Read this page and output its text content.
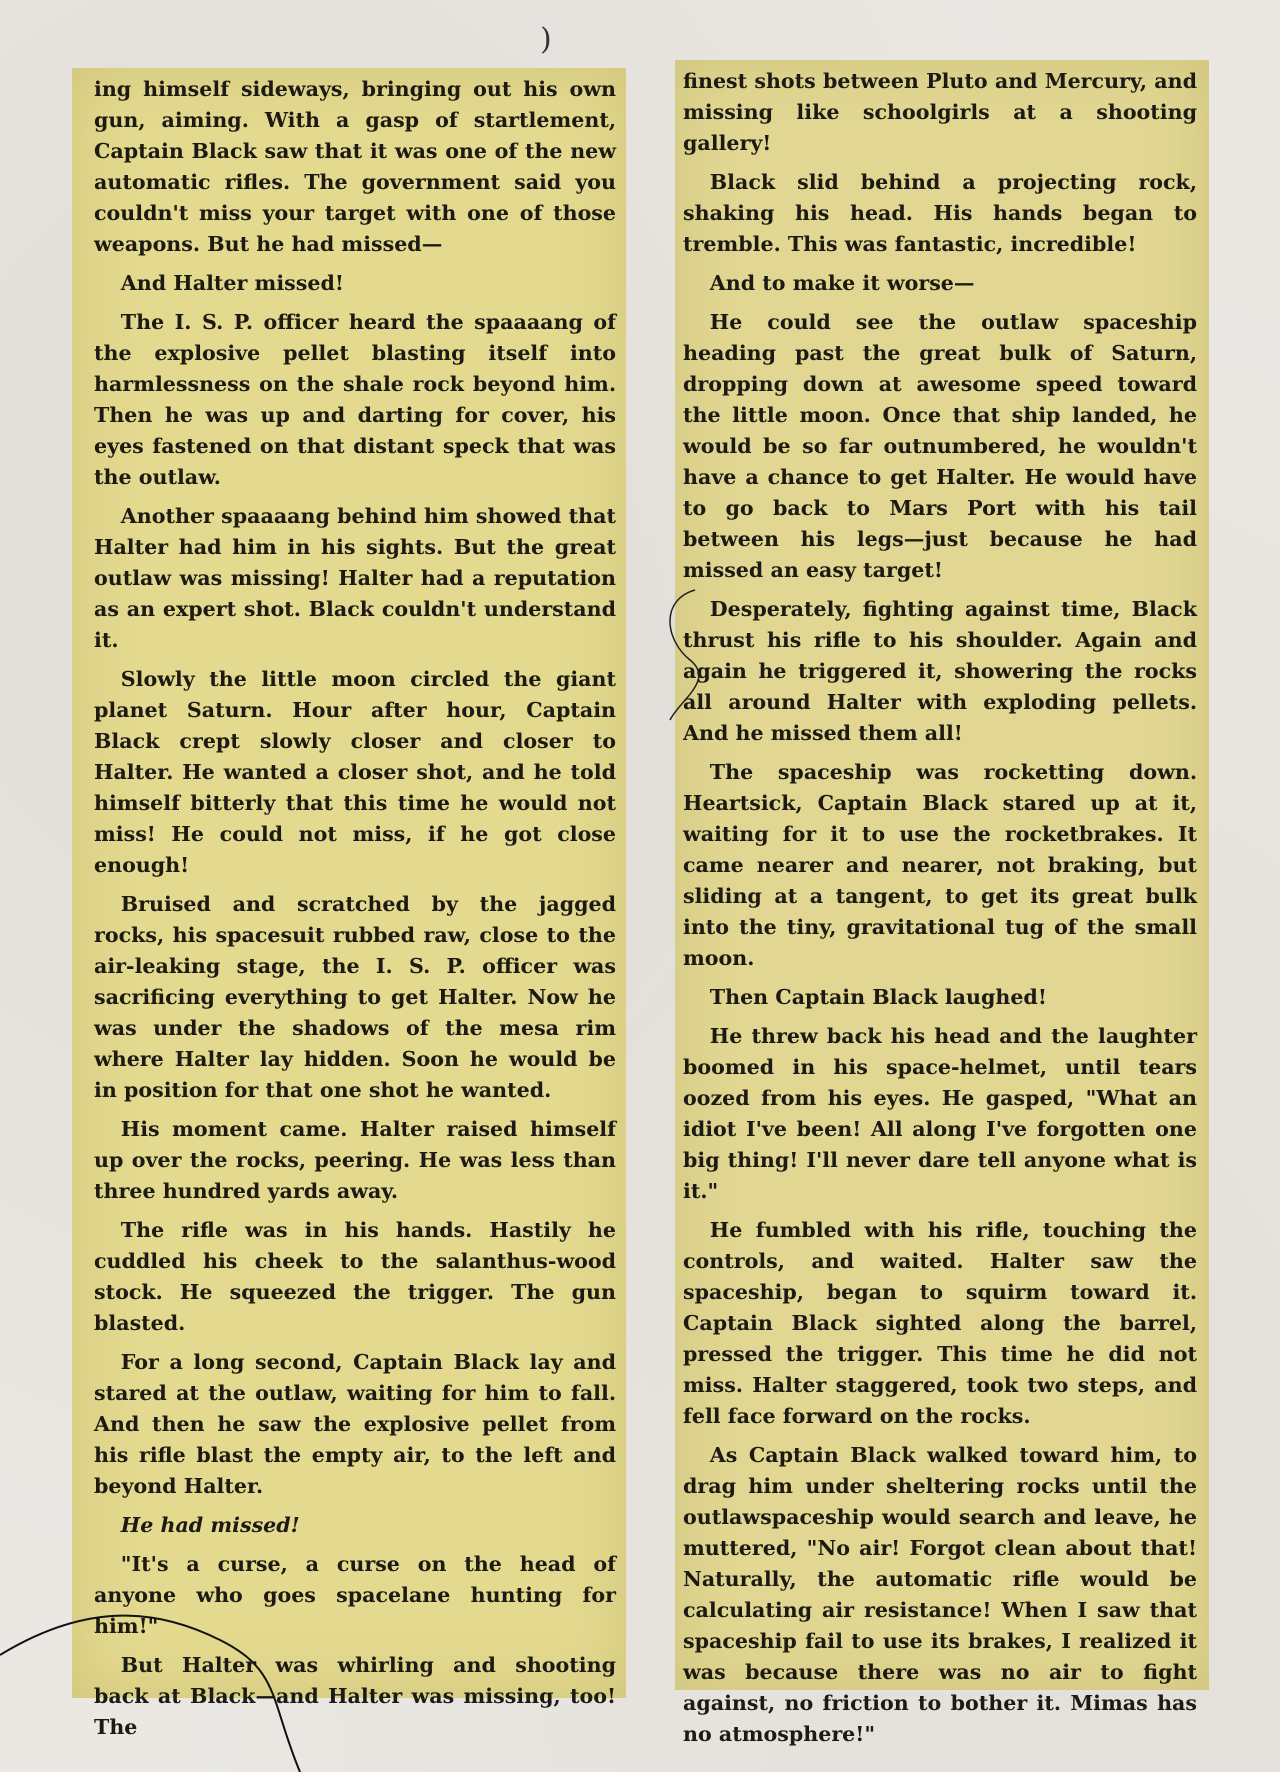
)

ing himself sideways, bringing out his own gun, aiming. With a gasp of startlement, Captain Black saw that it was one of the new automatic rifles. The government said you couldn't miss your target with one of those weapons. But he had missed—

And Halter missed!

The I. S. P. officer heard the spaaaang of the explosive pellet blasting itself into harmlessness on the shale rock beyond him. Then he was up and darting for cover, his eyes fastened on that distant speck that was the outlaw.

Another spaaaang behind him showed that Halter had him in his sights. But the great outlaw was missing! Halter had a reputation as an expert shot. Black couldn't understand it.

Slowly the little moon circled the giant planet Saturn. Hour after hour, Captain Black crept slowly closer and closer to Halter. He wanted a closer shot, and he told himself bitterly that this time he would not miss! He could not miss, if he got close enough!

Bruised and scratched by the jagged rocks, his spacesuit rubbed raw, close to the air-leaking stage, the I. S. P. officer was sacrificing everything to get Halter. Now he was under the shadows of the mesa rim where Halter lay hidden. Soon he would be in position for that one shot he wanted.

His moment came. Halter raised himself up over the rocks, peering. He was less than three hundred yards away.

The rifle was in his hands. Hastily he cuddled his cheek to the salanthus-wood stock. He squeezed the trigger. The gun blasted.

For a long second, Captain Black lay and stared at the outlaw, waiting for him to fall. And then he saw the explosive pellet from his rifle blast the empty air, to the left and beyond Halter.

He had missed!

"It's a curse, a curse on the head of anyone who goes spacelane hunting for him!"

But Halter was whirling and shooting back at Black—and Halter was missing, too! The

finest shots between Pluto and Mercury, and missing like schoolgirls at a shooting gallery!

Black slid behind a projecting rock, shaking his head. His hands began to tremble. This was fantastic, incredible!

And to make it worse—

He could see the outlaw spaceship heading past the great bulk of Saturn, dropping down at awesome speed toward the little moon. Once that ship landed, he would be so far outnumbered, he wouldn't have a chance to get Halter. He would have to go back to Mars Port with his tail between his legs—just because he had missed an easy target!

Desperately, fighting against time, Black thrust his rifle to his shoulder. Again and again he triggered it, showering the rocks all around Halter with exploding pellets. And he missed them all!

The spaceship was rocketting down. Heartsick, Captain Black stared up at it, waiting for it to use the rocketbrakes. It came nearer and nearer, not braking, but sliding at a tangent, to get its great bulk into the tiny, gravitational tug of the small moon.

Then Captain Black laughed!

He threw back his head and the laughter boomed in his space-helmet, until tears oozed from his eyes. He gasped, "What an idiot I've been! All along I've forgotten one big thing! I'll never dare tell anyone what is it."

He fumbled with his rifle, touching the controls, and waited. Halter saw the spaceship, began to squirm toward it. Captain Black sighted along the barrel, pressed the trigger. This time he did not miss. Halter staggered, took two steps, and fell face forward on the rocks.

As Captain Black walked toward him, to drag him under sheltering rocks until the outlawspaceship would search and leave, he muttered, "No air! Forgot clean about that! Naturally, the automatic rifle would be calculating air resistance! When I saw that spaceship fail to use its brakes, I realized it was because there was no air to fight against, no friction to bother it. Mimas has no atmosphere!"
